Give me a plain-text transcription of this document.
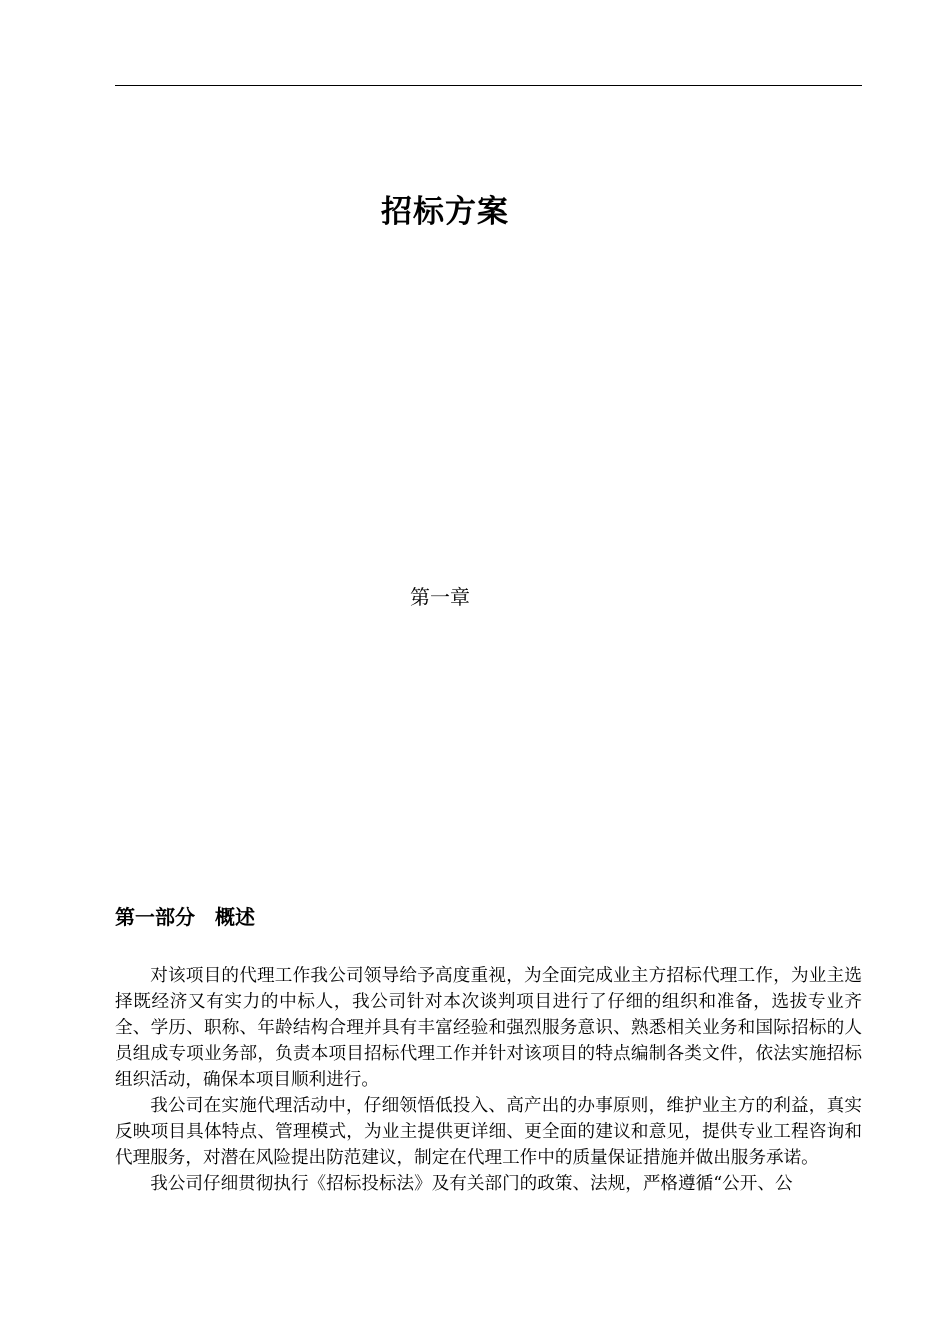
招标方案
第一章
第一部分　概述

对该项目的代理工作我公司领导给予高度重视，为全面完成业主方招标代理工作，为业主选择既经济又有实力的中标人，我公司针对本次谈判项目进行了仔细的组织和准备，选拔专业齐全、学历、职称、年龄结构合理并具有丰富经验和强烈服务意识、熟悉相关业务和国际招标的人员组成专项业务部，负责本项目招标代理工作并针对该项目的特点编制各类文件，依法实施招标组织活动，确保本项目顺利进行。

我公司在实施代理活动中，仔细领悟低投入、高产出的办事原则，维护业主方的利益，真实反映项目具体特点、管理模式，为业主提供更详细、更全面的建议和意见，提供专业工程咨询和代理服务，对潜在风险提出防范建议，制定在代理工作中的质量保证措施并做出服务承诺。

我公司仔细贯彻执行《招标投标法》及有关部门的政策、法规，严格遵循“公开、公
